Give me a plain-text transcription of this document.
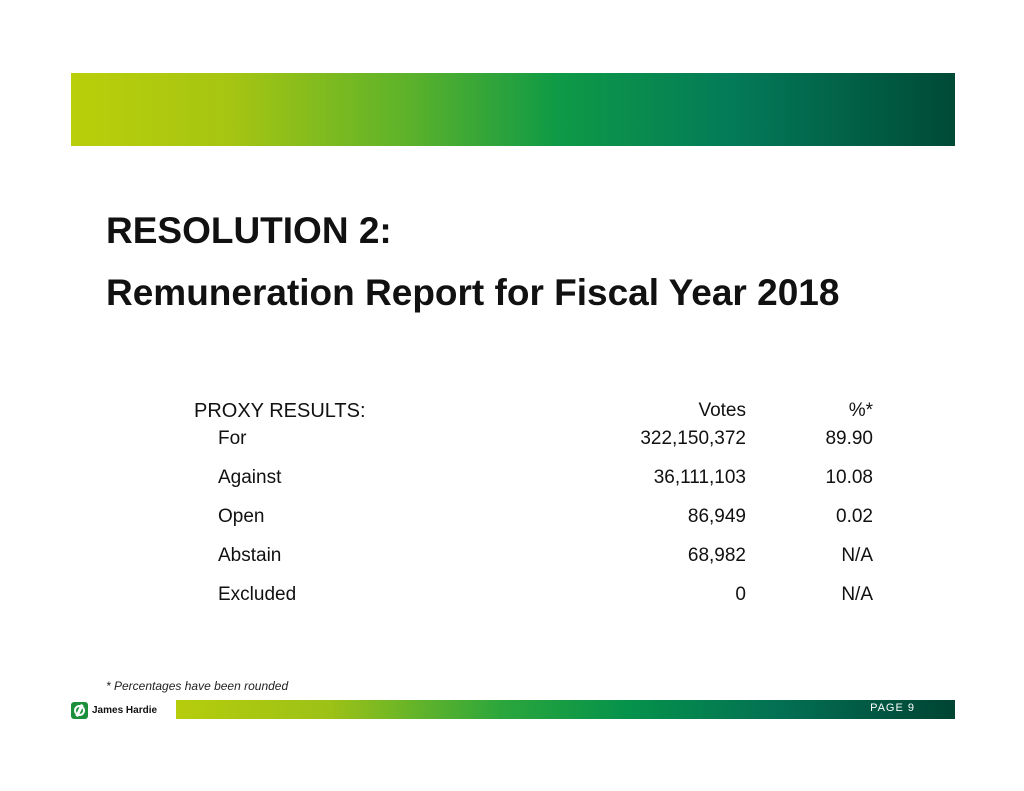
RESOLUTION 2:
Remuneration Report for Fiscal Year 2018
PROXY RESULTS:	Votes	%*
For	322,150,372	89.90
Against	36,111,103	10.08
Open	86,949	0.02
Abstain	68,982	N/A
Excluded	0	N/A
* Percentages have been rounded
James Hardie	PAGE 9
